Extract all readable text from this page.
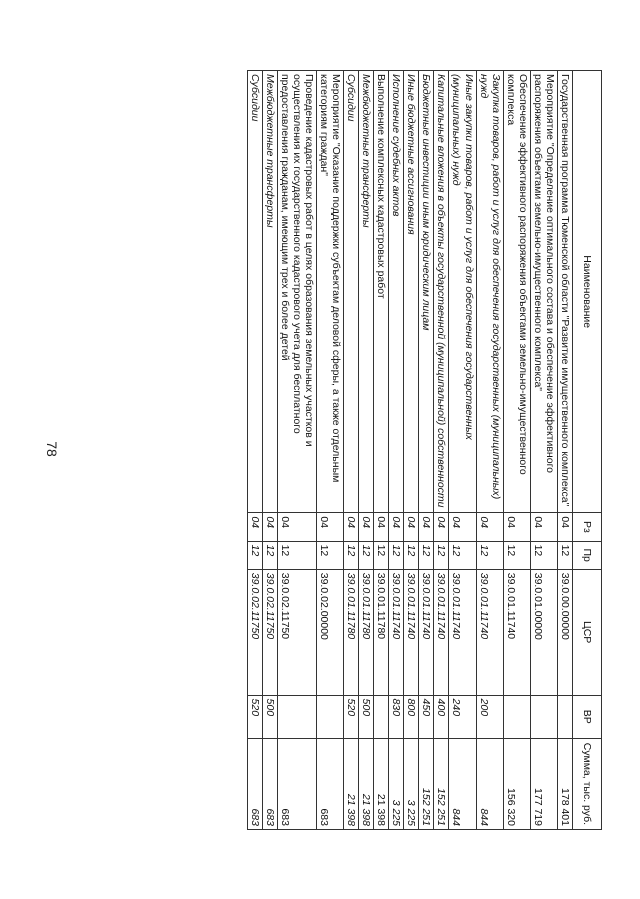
78
Наименование	Рз	Пр	ЦСР	ВР	Сумма, тыс. руб.
Государственная программа Тюменской области "Развитие имущественного комплекса"	04	12	39.0.00.00000		178 401
Мероприятие "Определение оптимального состава и обеспечение эффективного распоряжения объектами земельно-имущественного комплекса"	04	12	39.0.01.00000		177 719
Обеспечение эффективного распоряжения объектами земельно-имущественного комплекса	04	12	39.0.01.11740		156 320
Закупка товаров, работ и услуг для обеспечения государственных (муниципальных) нужд	04	12	39.0.01.11740	200	844
Иные закупки товаров, работ и услуг для обеспечения государственных (муниципальных) нужд	04	12	39.0.01.11740	240	844
Капитальные вложения в объекты государственной (муниципальной) собственности	04	12	39.0.01.11740	400	152 251
Бюджетные инвестиции иным юридическим лицам	04	12	39.0.01.11740	450	152 251
Иные бюджетные ассигнования	04	12	39.0.01.11740	800	3 225
Исполнение судебных актов	04	12	39.0.01.11740	830	3 225
Выполнение комплексных кадастровых работ	04	12	39.0.01.11780		21 398
Межбюджетные трансферты	04	12	39.0.01.11780	500	21 398
Субсидии	04	12	39.0.01.11780	520	21 398
Мероприятие "Оказание поддержки субъектам деловой сферы, а также отдельным категориям граждан"	04	12	39.0.02.00000		683
Проведение кадастровых работ в целях образования земельных участков и осуществления их государственного кадастрового учета для бесплатного предоставления гражданам, имеющим трех и более детей	04	12	39.0.02.11750		683
Межбюджетные трансферты	04	12	39.0.02.11750	500	683
Субсидии	04	12	39.0.02.11750	520	683
